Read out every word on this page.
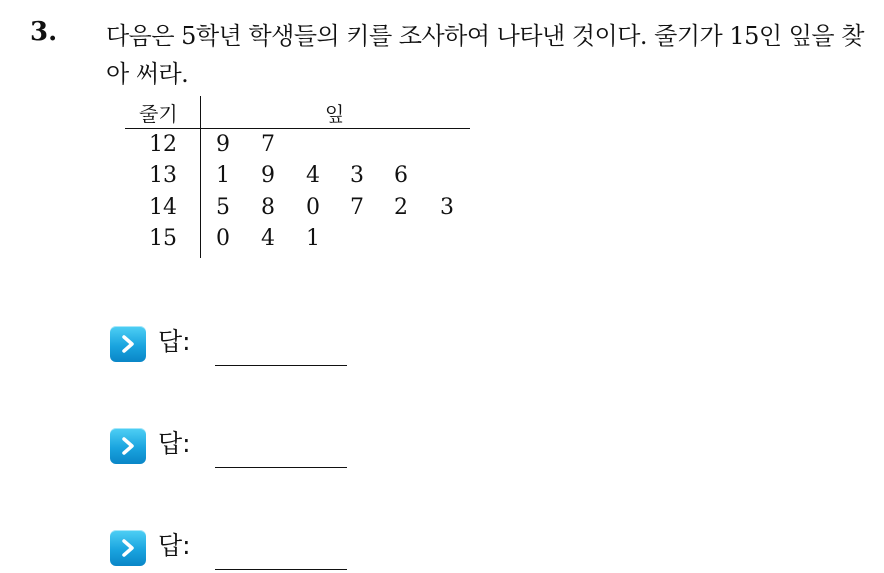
3. 다음은 5학년 학생들의 키를 조사하여 나타낸 것이다. 줄기가 15인 잎을 찾아 써라.
줄기	잎
12	9 7
13	1 9 4 3 6
14	5 8 0 7 2 3
15	0 4 1
답:
답:
답:
